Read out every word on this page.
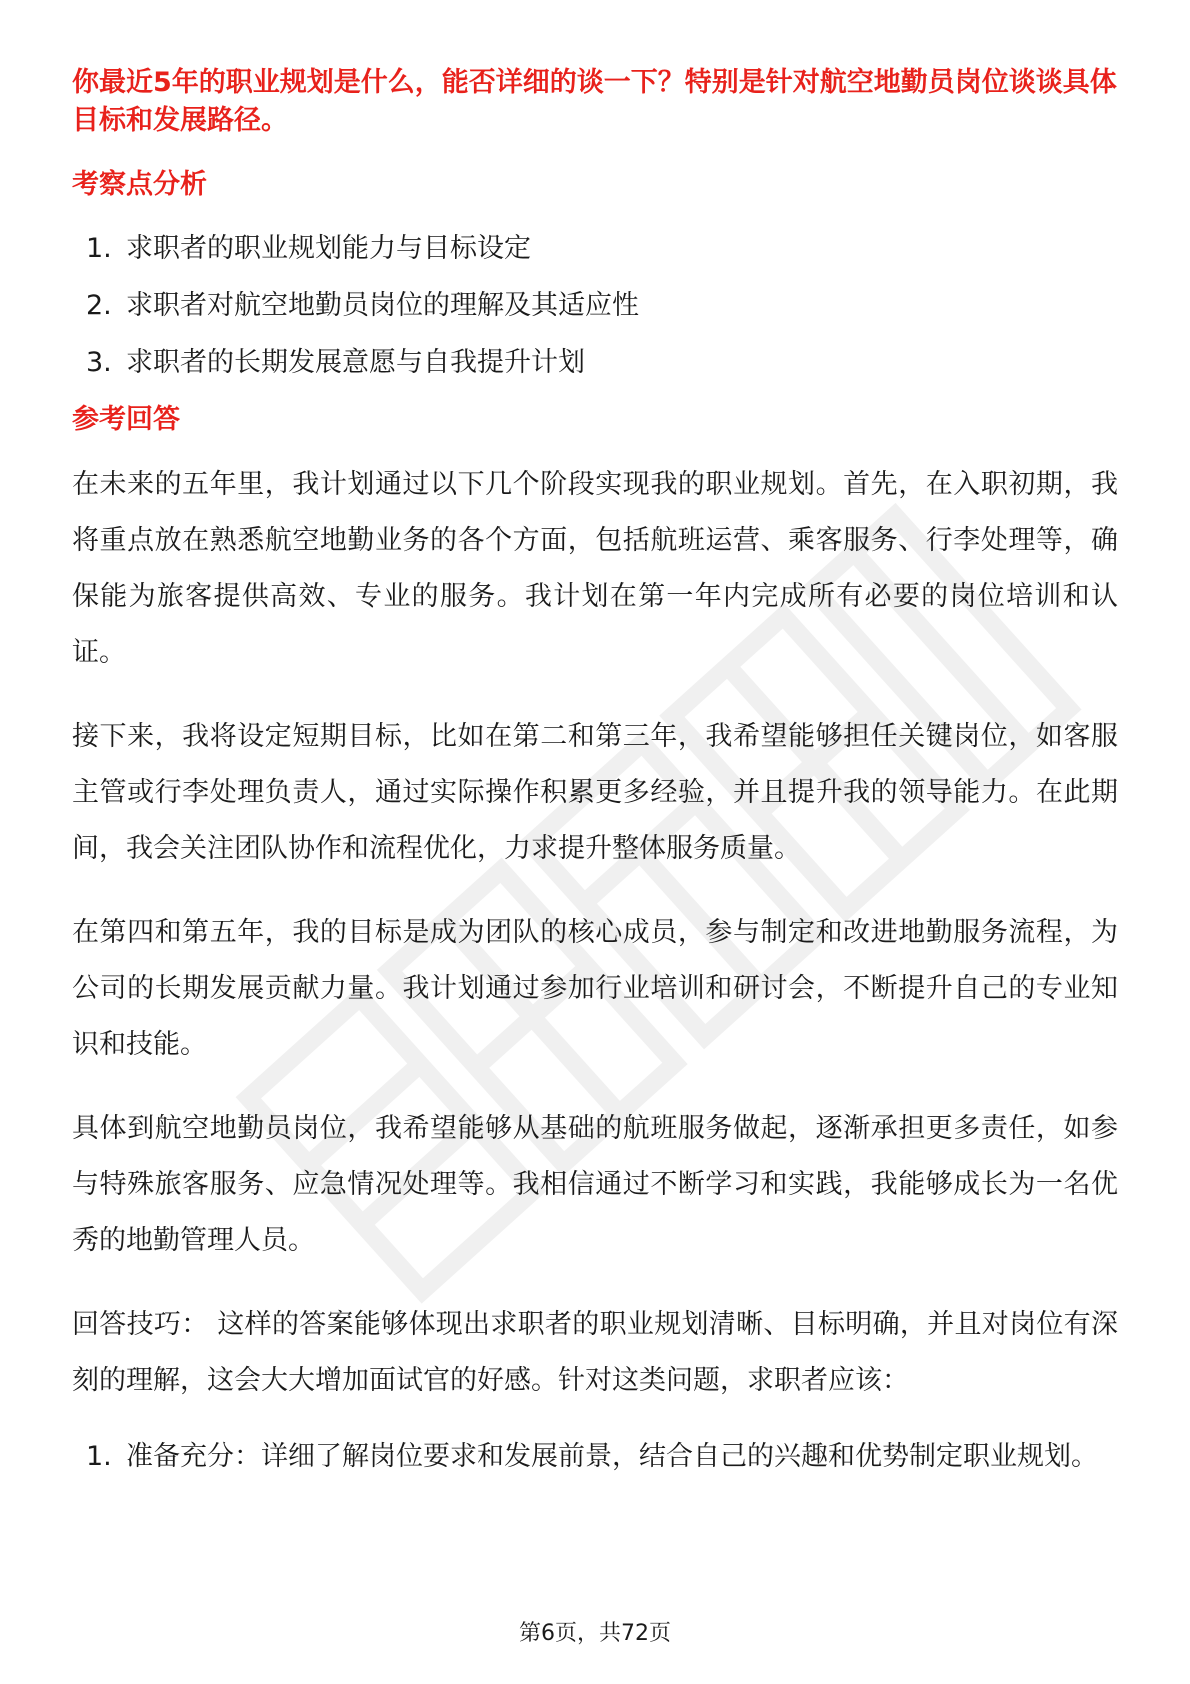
你最近5年的职业规划是什么，能否详细的谈一下？特别是针对航空地勤员岗位谈谈具体目标和发展路径。

考察点分析
1. 求职者的职业规划能力与目标设定
2. 求职者对航空地勤员岗位的理解及其适应性
3. 求职者的长期发展意愿与自我提升计划
参考回答

在未来的五年里，我计划通过以下几个阶段实现我的职业规划。首先，在入职初期，我将重点放在熟悉航空地勤业务的各个方面，包括航班运营、乘客服务、行李处理等，确保能为旅客提供高效、专业的服务。我计划在第一年内完成所有必要的岗位培训和认证。

接下来，我将设定短期目标，比如在第二和第三年，我希望能够担任关键岗位，如客服主管或行李处理负责人，通过实际操作积累更多经验，并且提升我的领导能力。在此期间，我会关注团队协作和流程优化，力求提升整体服务质量。

在第四和第五年，我的目标是成为团队的核心成员，参与制定和改进地勤服务流程，为公司的长期发展贡献力量。我计划通过参加行业培训和研讨会，不断提升自己的专业知识和技能。

具体到航空地勤员岗位，我希望能够从基础的航班服务做起，逐渐承担更多责任，如参与特殊旅客服务、应急情况处理等。我相信通过不断学习和实践，我能够成长为一名优秀的地勤管理人员。

回答技巧： 这样的答案能够体现出求职者的职业规划清晰、目标明确，并且对岗位有深刻的理解，这会大大增加面试官的好感。针对这类问题，求职者应该：

1. 准备充分：详细了解岗位要求和发展前景，结合自己的兴趣和优势制定职业规划。
第6页，共72页
